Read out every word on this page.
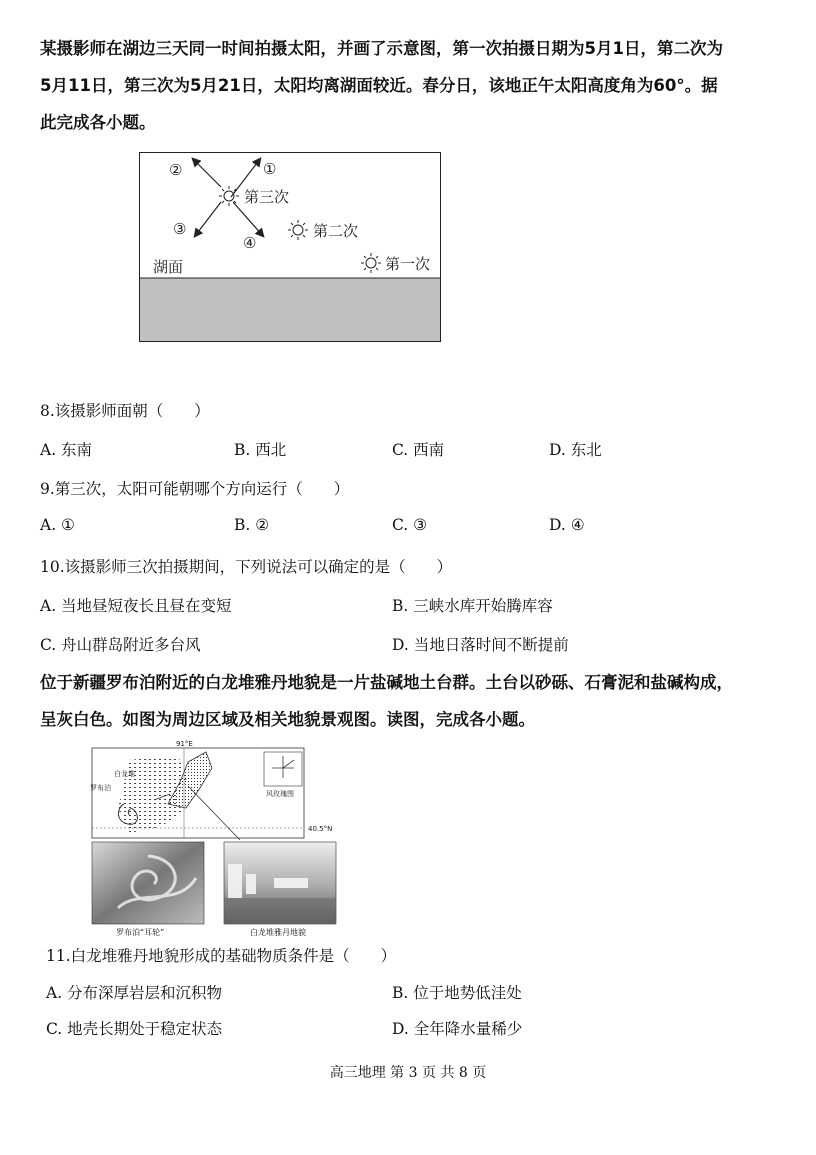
某摄影师在湖边三天同一时间拍摄太阳，并画了示意图，第一次拍摄日期为5月1日，第二次为
5月11日，第三次为5月21日，太阳均离湖面较近。春分日，该地正午太阳高度角为60°。据
此完成各小题。
第三次
第二次
第一次
湖面
①
②
③
④
8.该摄影师面朝（　　）
A. 东南	B. 西北	C. 西南	D. 东北
9.第三次，太阳可能朝哪个方向运行（　　）
A. ①	B. ②	C. ③	D. ④
10.该摄影师三次拍摄期间，下列说法可以确定的是（　　）
A. 当地昼短夜长且昼在变短	B. 三峡水库开始腾库容
C. 舟山群岛附近多台风	D. 当地日落时间不断提前
位于新疆罗布泊附近的白龙堆雅丹地貌是一片盐碱地土台群。土台以砂砾、石膏泥和盐碱构成，
呈灰白色。如图为周边区域及相关地貌景观图。读图，完成各小题。
91°E
40.5°N
风玫瑰图
罗布泊
白龙堆
罗布泊“耳轮”	白龙堆雅丹地貌
11.白龙堆雅丹地貌形成的基础物质条件是（　　）
A. 分布深厚岩层和沉积物	B. 位于地势低洼处
C. 地壳长期处于稳定状态	D. 全年降水量稀少
高三地理 第 3 页 共 8 页
